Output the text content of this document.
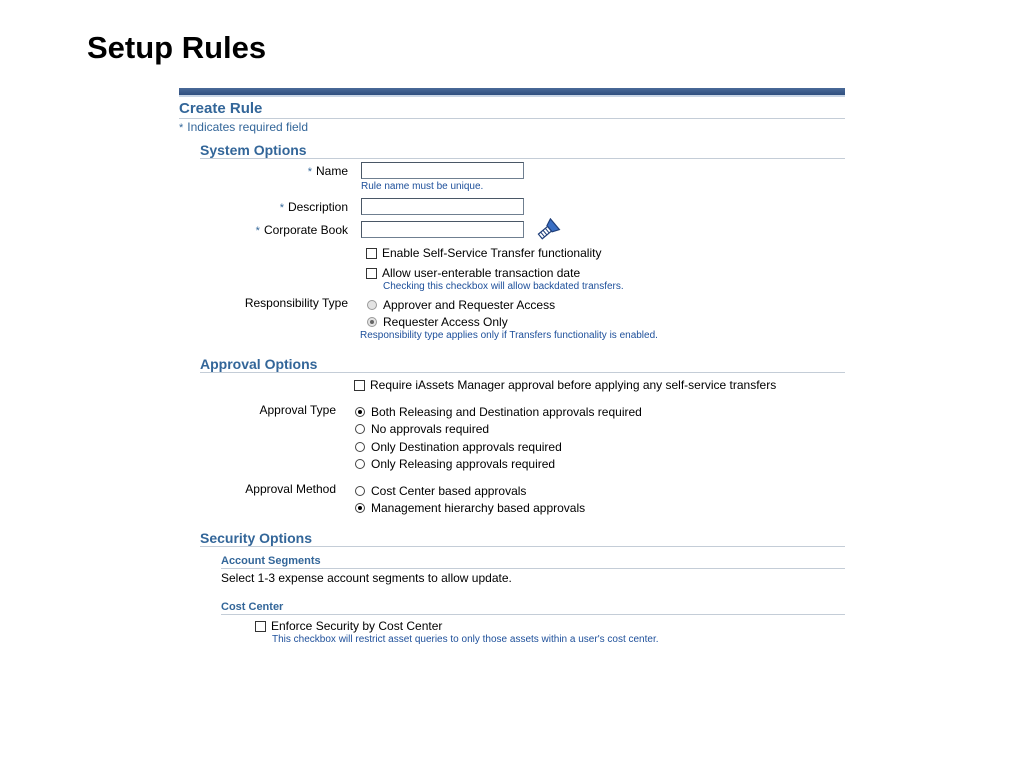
Setup Rules
Create Rule
* Indicates required field
System Options
* Name
Rule name must be unique.
* Description
* Corporate Book
Enable Self-Service Transfer functionality
Allow user-enterable transaction date
Checking this checkbox will allow backdated transfers.
Responsibility Type	Approver and Requester Access
Requester Access Only
Responsibility type applies only if Transfers functionality is enabled.
Approval Options
Require iAssets Manager approval before applying any self-service transfers
Approval Type	Both Releasing and Destination approvals required
No approvals required
Only Destination approvals required
Only Releasing approvals required
Approval Method	Cost Center based approvals
Management hierarchy based approvals
Security Options
Account Segments
Select 1-3 expense account segments to allow update.
Cost Center
Enforce Security by Cost Center
This checkbox will restrict asset queries to only those assets within a user's cost center.
